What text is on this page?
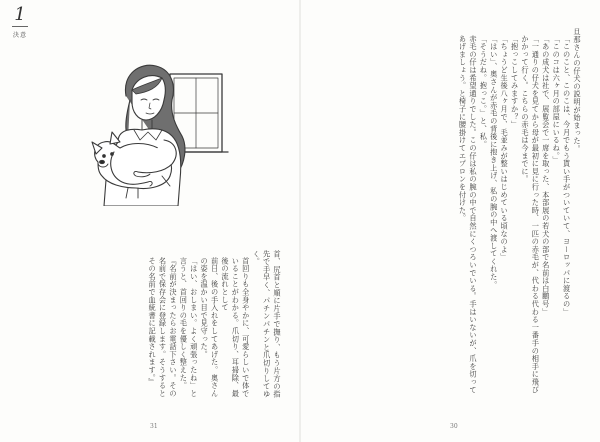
1
決意

首、尻首と順に片手で撫り、もう片方の指先で手早く、パチンパチンと爪切りしてゆく。

首回りも全身やかに、可愛らしいで体でいることがわかる。爪切り、耳掃除、最後の流れとして

前日、後の手入れをしてあげた。奥さんの姿を温かい目で見守った。

「はい、おしまい。よく頑張ったね」と言うと、首回りの毛を優しく整えた。

『名前が決まったらお電話下さい。その名前で保存会に登録します。そうするとその名前で血統書に記載されます。』

31

旦那さんの仔犬の説明が始まった。

「このこと、このこは、今月でもう貰い手がついていて、ヨーロッパに渡るの」

「このコは六ヶ月の部屋にいるね。」

「あの成犬は社で、展覧会で一席を取った、本部展の若犬の部で名前は白鵬号」

「一通りの仔犬を見てから母が最初に見に行った時、一匹の赤毛が、代わる代わる一番手の相手に飛びかかって行く。こちらの赤毛は今までに。

「抱っこしてみますか？」

「ちょうど生後八ヶ月で、毛並みが整いはじめている頃なのよ」

「はい」、奥さんが赤毛の背後に抱き上げ、私の腕の中へ渡してくれた。

「そうだね。抱っこ。」と、私。

赤毛の仔は希望通りでした。この仔は私の腕の中で自然にくつろいでいる。手はいないが、爪を切ってあげましょう。と椅子に腰掛けてエプロンを付けた。

30
